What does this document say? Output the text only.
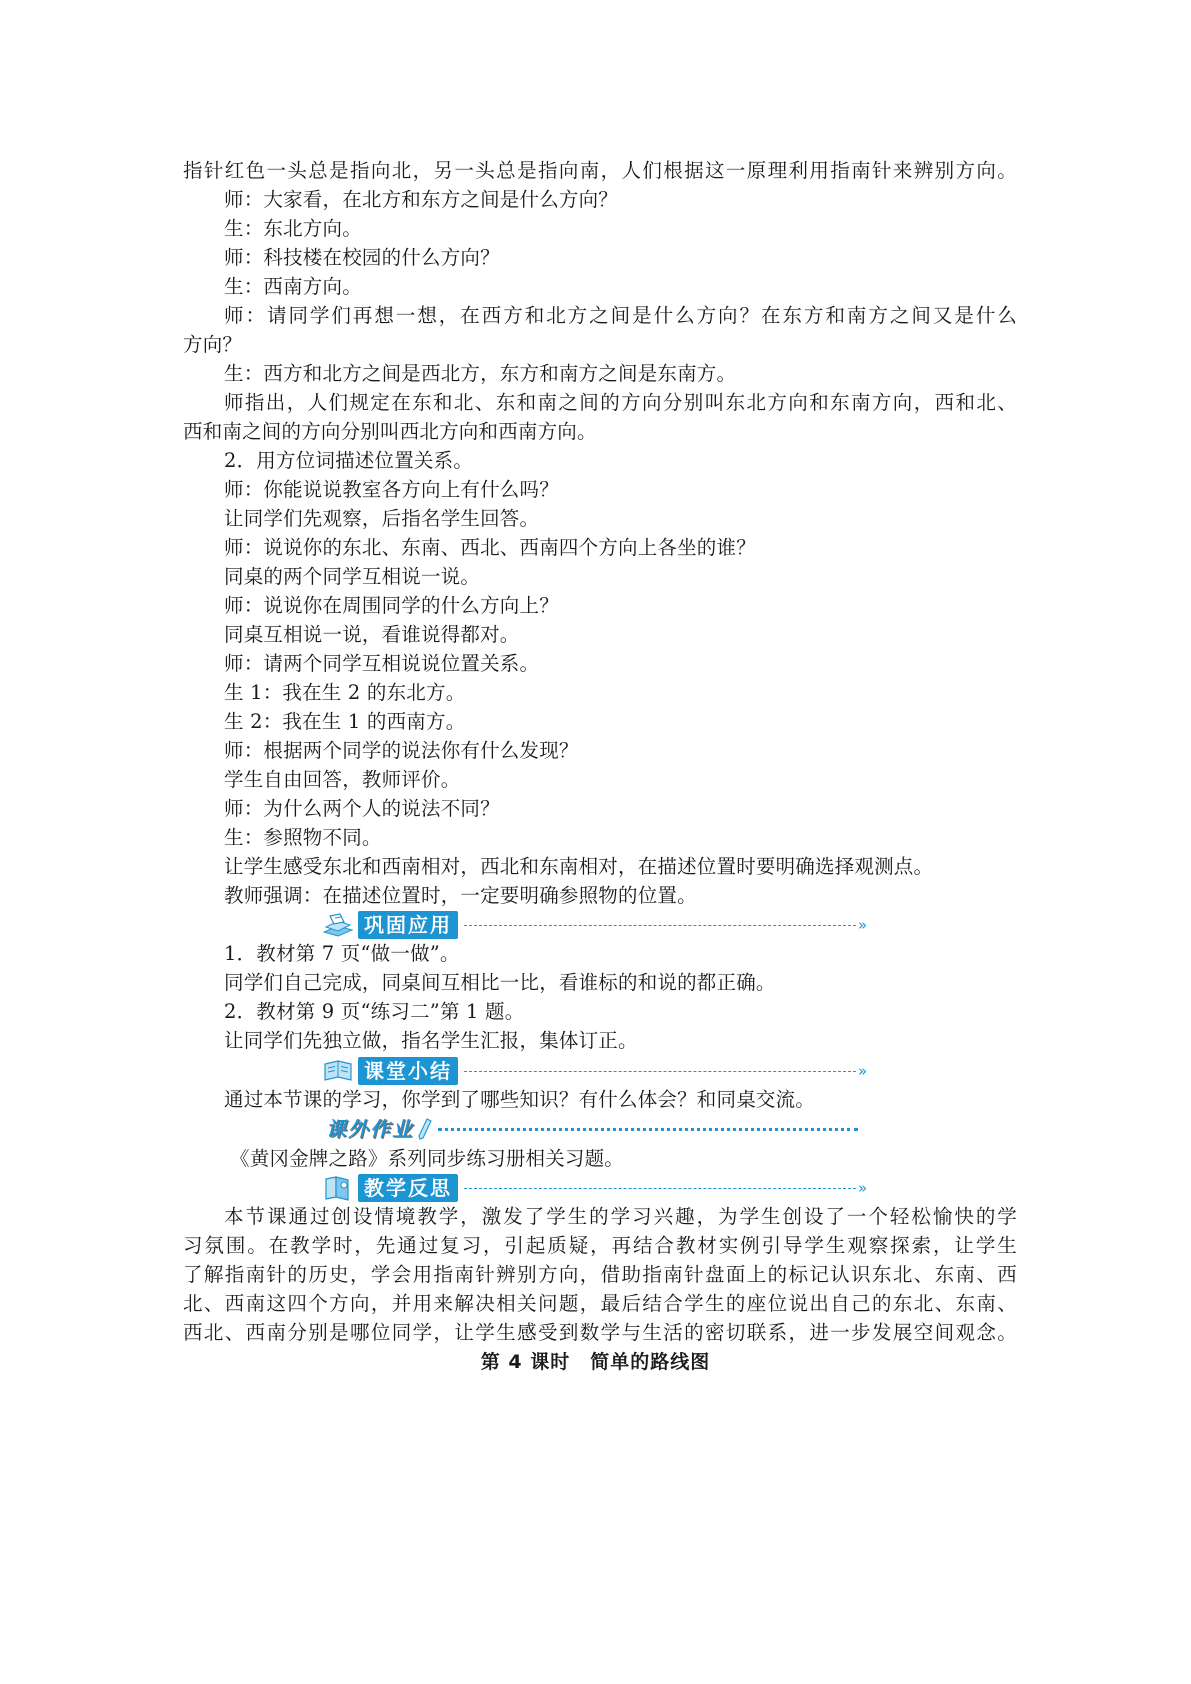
指针红色一头总是指向北，另一头总是指向南，人们根据这一原理利用指南针来辨别方向。
师：大家看，在北方和东方之间是什么方向？
生：东北方向。
师：科技楼在校园的什么方向？
生：西南方向。
师：请同学们再想一想，在西方和北方之间是什么方向？在东方和南方之间又是什么
方向？
生：西方和北方之间是西北方，东方和南方之间是东南方。
师指出，人们规定在东和北、东和南之间的方向分别叫东北方向和东南方向，西和北、
西和南之间的方向分别叫西北方向和西南方向。
2．用方位词描述位置关系。
师：你能说说教室各方向上有什么吗？
让同学们先观察，后指名学生回答。
师：说说你的东北、东南、西北、西南四个方向上各坐的谁？
同桌的两个同学互相说一说。
师：说说你在周围同学的什么方向上？
同桌互相说一说，看谁说得都对。
师：请两个同学互相说说位置关系。
生 1：我在生 2 的东北方。
生 2：我在生 1 的西南方。
师：根据两个同学的说法你有什么发现？
学生自由回答，教师评价。
师：为什么两个人的说法不同？
生：参照物不同。
让学生感受东北和西南相对，西北和东南相对，在描述位置时要明确选择观测点。
教师强调：在描述位置时，一定要明确参照物的位置。
巩固应用	»
1．教材第 7 页“做一做”。
同学们自己完成，同桌间互相比一比，看谁标的和说的都正确。
2．教材第 9 页“练习二”第 1 题。
让同学们先独立做，指名学生汇报，集体订正。
课堂小结	»
通过本节课的学习，你学到了哪些知识？有什么体会？和同桌交流。
课外作业
《黄冈金牌之路》系列同步练习册相关习题。
教学反思	»
本节课通过创设情境教学，激发了学生的学习兴趣，为学生创设了一个轻松愉快的学
习氛围。在教学时，先通过复习，引起质疑，再结合教材实例引导学生观察探索，让学生
了解指南针的历史，学会用指南针辨别方向，借助指南针盘面上的标记认识东北、东南、西
北、西南这四个方向，并用来解决相关问题，最后结合学生的座位说出自己的东北、东南、
西北、西南分别是哪位同学，让学生感受到数学与生活的密切联系，进一步发展空间观念。
第 4 课时　简单的路线图
